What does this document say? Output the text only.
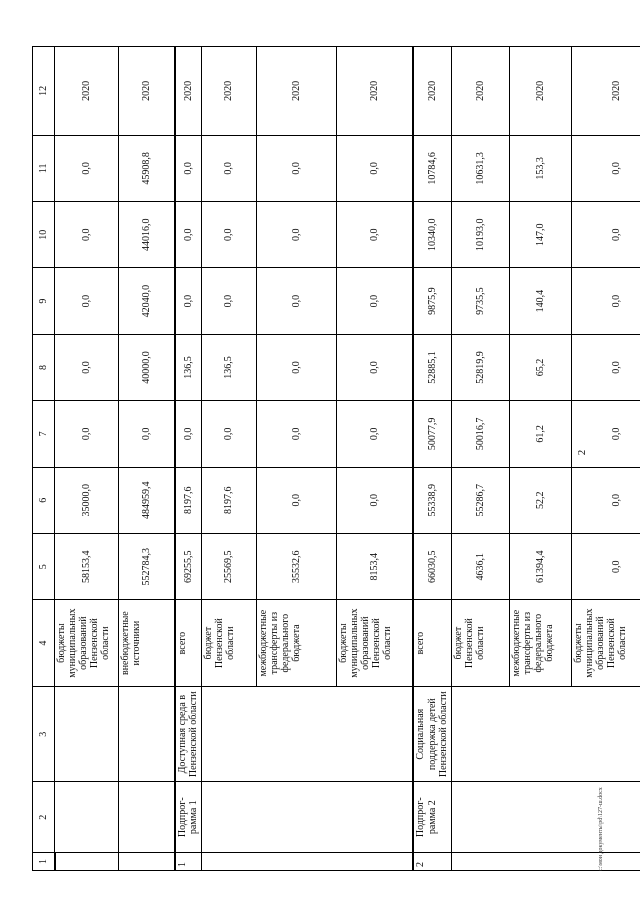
2
1	2	3	4	5	6	7	8	9	10	11	12
			бюджеты муниципальных образований Пензенской области	58153,4	35000,0	0,0	0,0	0,0	0,0	0,0	2020
			внебюджетные источники	552784,3	484959,4	0,0	40000,0	42040,0	44016,0	45908,8	2020
1	Подпрог-рамма 1	Доступная среда в Пензенской области	всего	69255,5	8197,6	0,0	136,5	0,0	0,0	0,0	2020
			бюджет Пензенской области	25569,5	8197,6	0,0	136,5	0,0	0,0	0,0	2020
			межбюджетные трансферты из федерального бюджета	35532,6	0,0	0,0	0,0	0,0	0,0	0,0	2020
			бюджеты муниципальных образований Пензенской области	8153,4	0,0	0,0	0,0	0,0	0,0	0,0	2020
2	Подпрог-рамма 2	Социальная поддержка детей Пензенской области	всего	66030,5	55338,9	50077,9	52885,1	9875,9	10340,0	10784,6	2020
			бюджет Пензенской области	4636,1	55286,7	50016,7	52819,9	9735,5	10193,0	10631,3	2020
			межбюджетные трансферты из федерального бюджета	61394,4	52,2	61,2	65,2	140,4	147,0	153,3	2020
			бюджеты муниципальных образований Пензенской области	0,0	0,0	0,0	0,0	0,0	0,0	0,0	2020
c:\мои документы\pd\127-ш.docx
